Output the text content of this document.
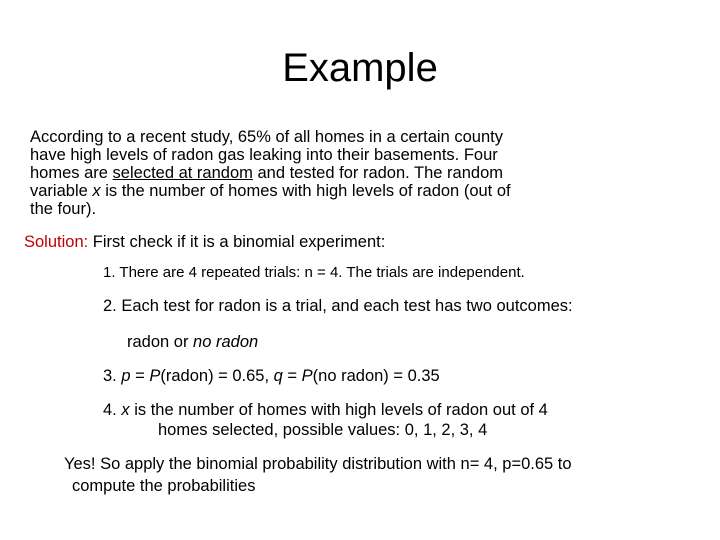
Example
According to a recent study, 65% of all homes in a certain county
have high levels of radon gas leaking into their basements. Four
homes are selected at random and tested for radon. The random
variable x is the number of homes with high levels of radon (out of
the four).
Solution: First check if it is a binomial experiment:
1. There are 4 repeated trials: n = 4. The trials are independent.
2. Each test for radon is a trial, and each test has two outcomes:
radon or no radon
3. p = P(radon) = 0.65, q = P(no radon) = 0.35
4. x is the number of homes with high levels of radon out of 4
homes selected, possible values: 0, 1, 2, 3, 4
Yes! So apply the binomial probability distribution with n= 4, p=0.65 to
compute the probabilities
